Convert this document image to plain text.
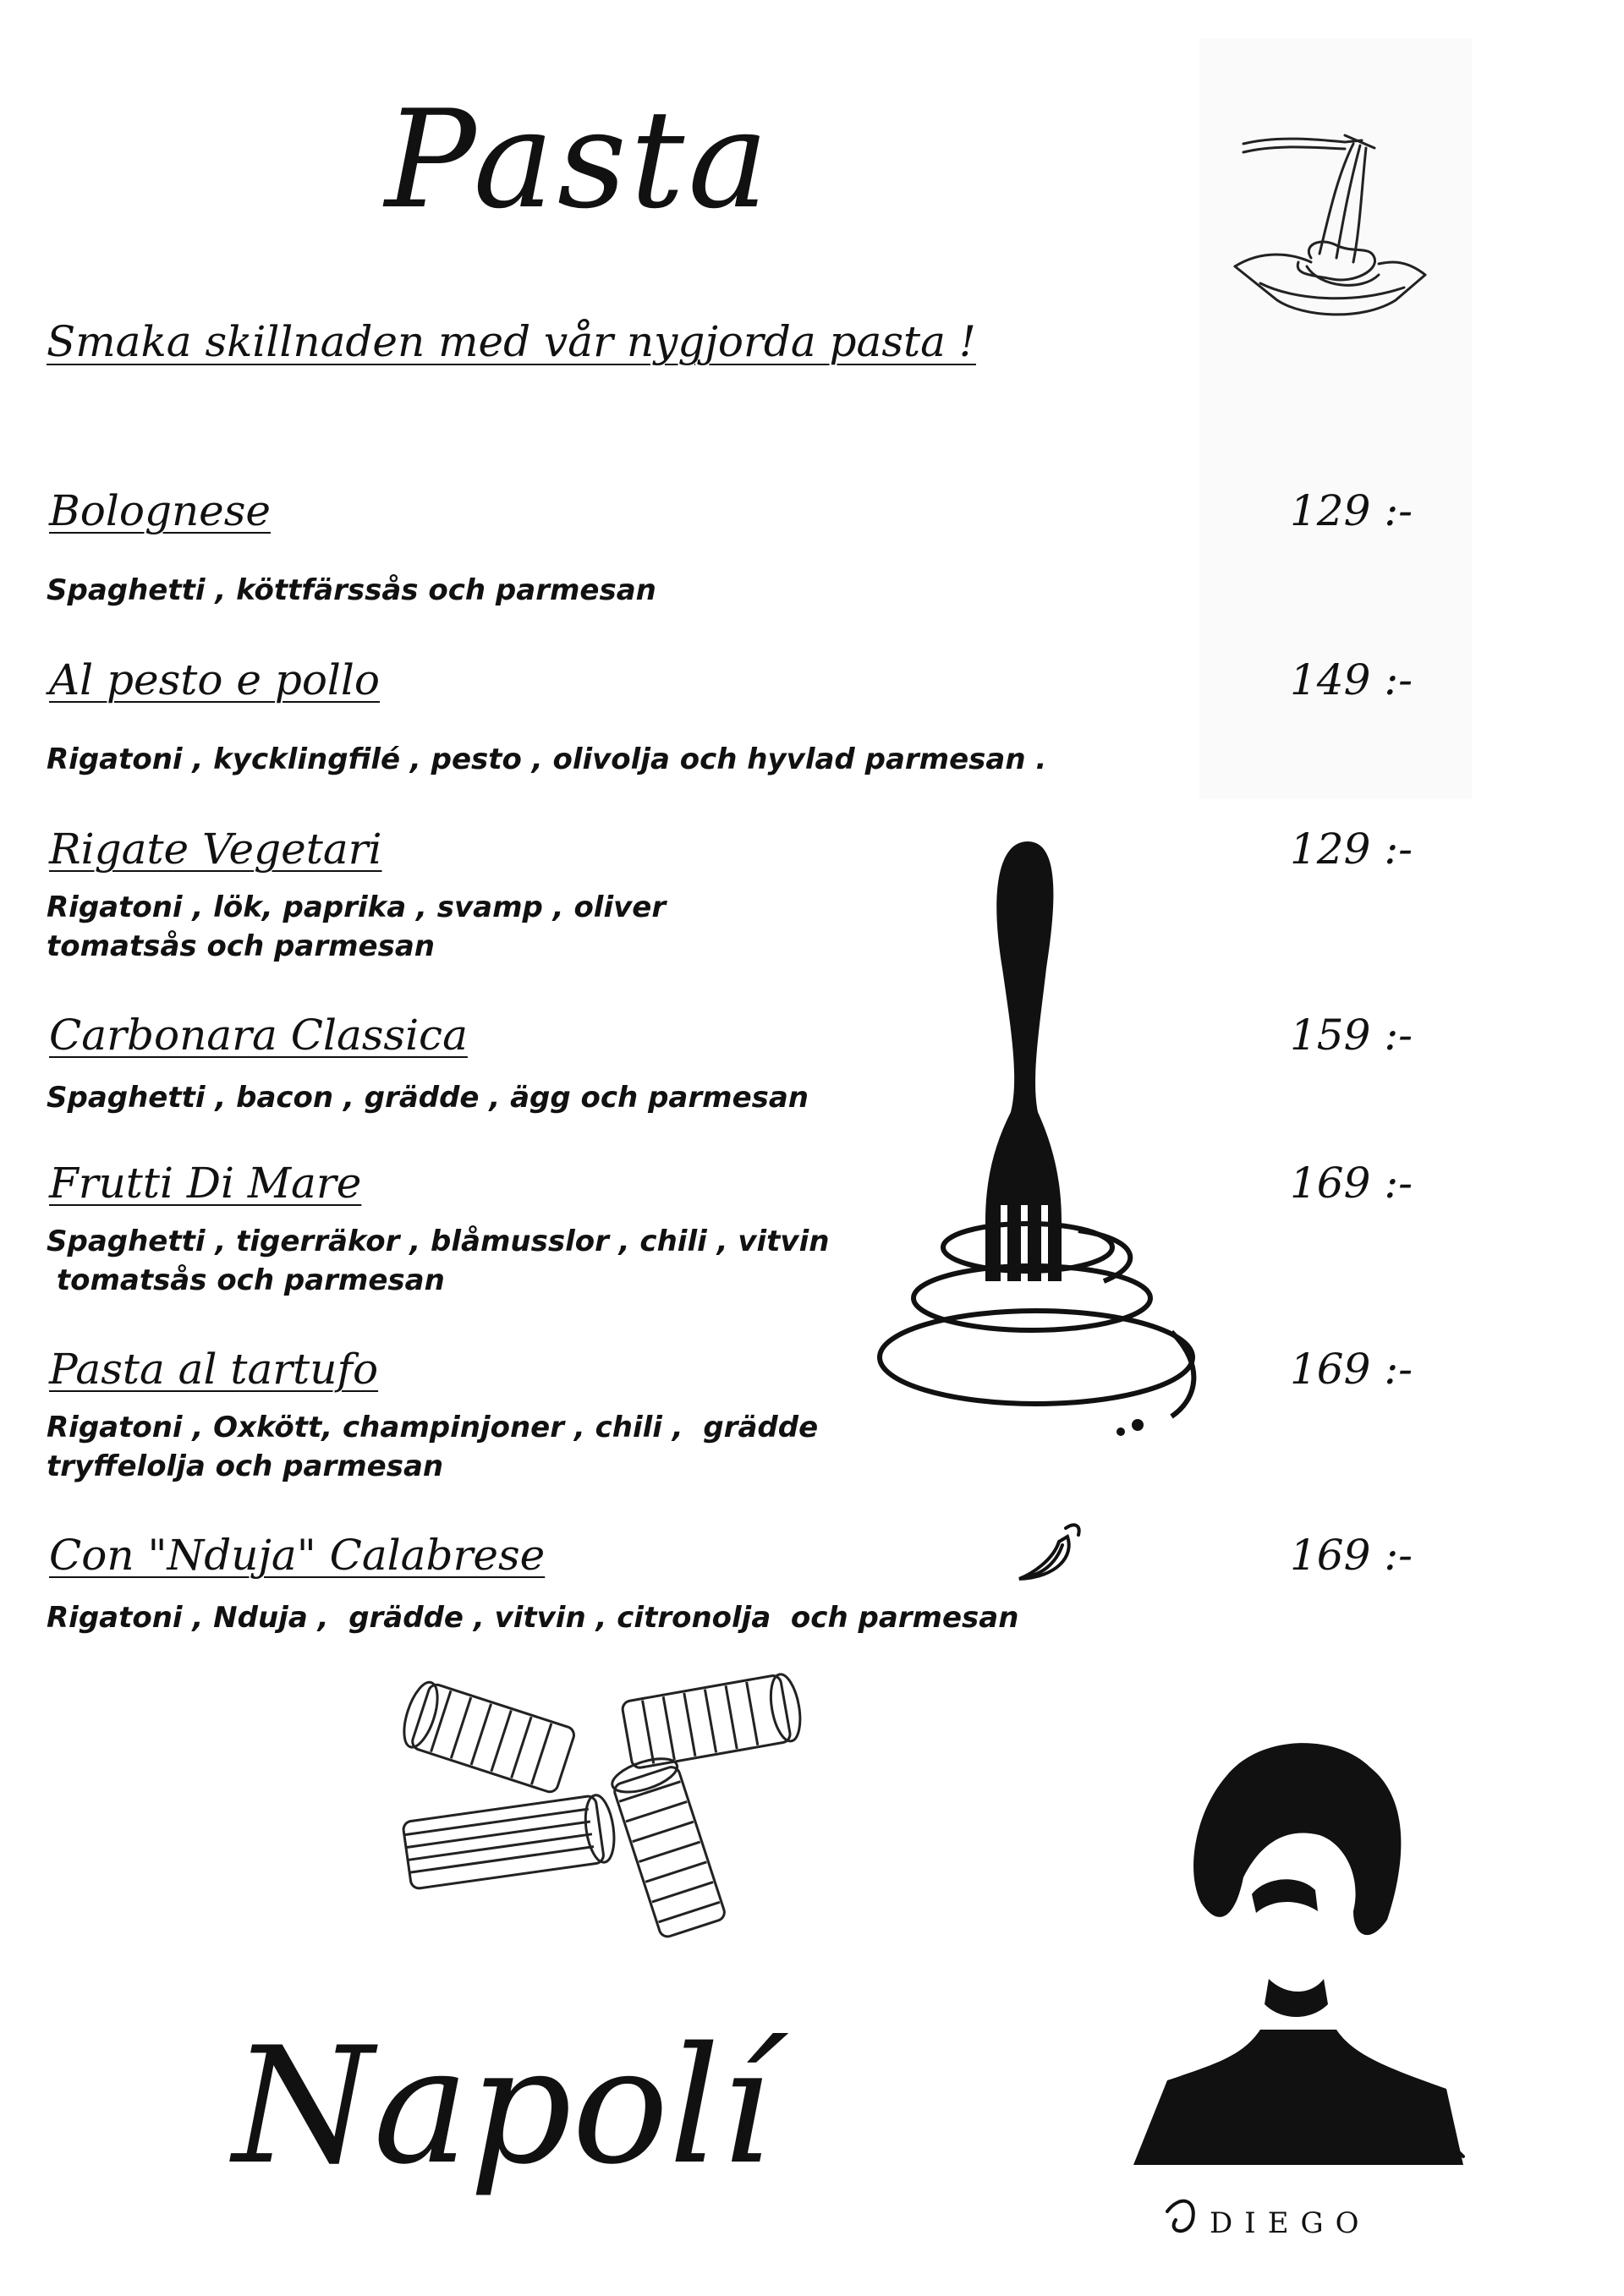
Pasta
Smaka skillnaden med vår nygjorda pasta !
Bolognese	129 :-
Spaghetti , köttfärssås och parmesan
Al pesto e pollo	149 :-
Rigatoni , kycklingfilé , pesto , olivolja och hyvlad parmesan .
Rigate Vegetari	129 :-
Rigatoni , lök, paprika , svamp , oliver
tomatsås och parmesan
Carbonara Classica	159 :-
Spaghetti , bacon , grädde , ägg och parmesan
Frutti Di Mare	169 :-
Spaghetti , tigerräkor , blåmusslor , chili , vitvin
tomatsås och parmesan
Pasta al tartufo	169 :-
Rigatoni , Oxkött, champinjoner , chili ,  grädde
tryffelolja och parmesan
Con "Nduja" Calabrese	169 :-
Rigatoni , Nduja ,  grädde , vitvin , citronolja  och parmesan
Napolí
DIEGO
